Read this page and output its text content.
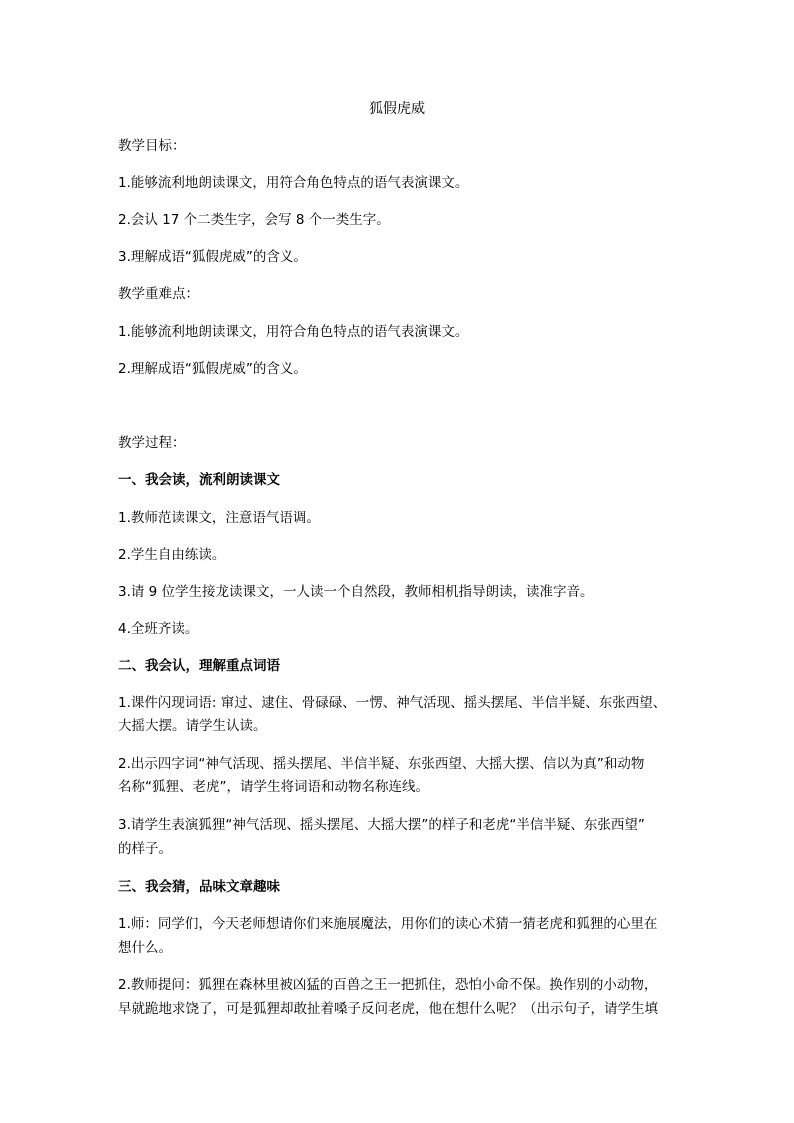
狐假虎威
教学目标：
1.能够流利地朗读课文，用符合角色特点的语气表演课文。
2.会认 17 个二类生字，会写 8 个一类生字。
3.理解成语“狐假虎威”的含义。
教学重难点：
1.能够流利地朗读课文，用符合角色特点的语气表演课文。
2.理解成语“狐假虎威”的含义。
教学过程：
一、我会读，流利朗读课文
1.教师范读课文，注意语气语调。
2.学生自由练读。
3.请 9 位学生接龙读课文，一人读一个自然段，教师相机指导朗读，读准字音。
4.全班齐读。
二、我会认，理解重点词语
1.课件闪现词语: 窜过、逮住、骨碌碌、一愣、神气活现、摇头摆尾、半信半疑、东张西望、
大摇大摆。请学生认读。
2.出示四字词“神气活现、摇头摆尾、半信半疑、东张西望、大摇大摆、信以为真”和动物
名称“狐狸、老虎”，请学生将词语和动物名称连线。
3.请学生表演狐狸“神气活现、摇头摆尾、大摇大摆”的样子和老虎“半信半疑、东张西望”
的样子。
三、我会猜，品味文章趣味
1.师：同学们，今天老师想请你们来施展魔法，用你们的读心术猜一猜老虎和狐狸的心里在
想什么。
2.教师提问：狐狸在森林里被凶猛的百兽之王一把抓住，恐怕小命不保。换作别的小动物，
早就跪地求饶了，可是狐狸却敢扯着嗓子反问老虎，他在想什么呢？（出示句子，请学生填
